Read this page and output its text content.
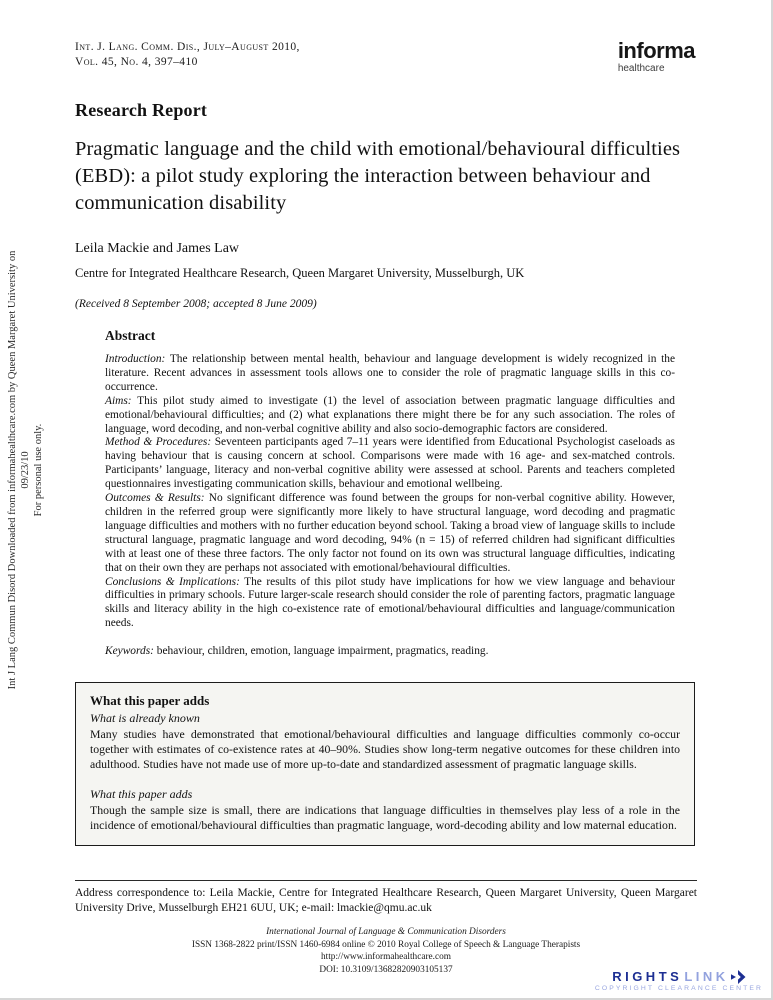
Int J Lang Commun Disord Downloaded from informahealthcare.com by Queen Margaret University on 09/23/10 For personal use only.
Int. J. Lang. Comm. Dis., July–August 2010,
Vol. 45, No. 4, 397–410	informa
healthcare
Research Report
Pragmatic language and the child with emotional/behavioural difficulties (EBD): a pilot study exploring the interaction between behaviour and communication disability
Leila Mackie and James Law
Centre for Integrated Healthcare Research, Queen Margaret University, Musselburgh, UK
(Received 8 September 2008; accepted 8 June 2009)
Abstract

Introduction: The relationship between mental health, behaviour and language development is widely recognized in the literature. Recent advances in assessment tools allows one to consider the role of pragmatic language skills in this co-occurrence.

Aims: This pilot study aimed to investigate (1) the level of association between pragmatic language difficulties and emotional/behavioural difficulties; and (2) what explanations there might there be for any such association. The roles of language, word decoding, and non-verbal cognitive ability and also socio-demographic factors are considered.

Method & Procedures: Seventeen participants aged 7–11 years were identified from Educational Psychologist caseloads as having behaviour that is causing concern at school. Comparisons were made with 16 age- and sex-matched controls. Participants’ language, literacy and non-verbal cognitive ability were assessed at school. Parents and teachers completed questionnaires investigating communication skills, behaviour and emotional wellbeing.

Outcomes & Results: No significant difference was found between the groups for non-verbal cognitive ability. However, children in the referred group were significantly more likely to have structural language, word decoding and pragmatic language difficulties and mothers with no further education beyond school. Taking a broad view of language skills to include structural language, pragmatic language and word decoding, 94% (n = 15) of referred children had significant difficulties with at least one of these three factors. The only factor not found on its own was structural language difficulties, indicating that on their own they are perhaps not associated with emotional/behavioural difficulties.

Conclusions & Implications: The results of this pilot study have implications for how we view language and behaviour difficulties in primary schools. Future larger-scale research should consider the role of parenting factors, pragmatic language skills and literacy ability in the high co-existence rate of emotional/behavioural difficulties and language/communication needs.

Keywords: behaviour, children, emotion, language impairment, pragmatics, reading.

What this paper adds
What is already known

Many studies have demonstrated that emotional/behavioural difficulties and language difficulties commonly co-occur together with estimates of co-existence rates at 40–90%. Studies show long-term negative outcomes for these children into adulthood. Studies have not made use of more up-to-date and standardized assessment of pragmatic language skills.

What this paper adds

Though the sample size is small, there are indications that language difficulties in themselves play less of a role in the incidence of emotional/behavioural difficulties than pragmatic language, word-decoding ability and low maternal education.

Address correspondence to: Leila Mackie, Centre for Integrated Healthcare Research, Queen Margaret University, Queen Margaret University Drive, Musselburgh EH21 6UU, UK; e-mail: lmackie@qmu.ac.uk
International Journal of Language & Communication Disorders
ISSN 1368-2822 print/ISSN 1460-6984 online © 2010 Royal College of Speech & Language Therapists
http://www.informahealthcare.com
DOI: 10.3109/13682820903105137	RIGHTS LINK
COPYRIGHT CLEARANCE CENTER
